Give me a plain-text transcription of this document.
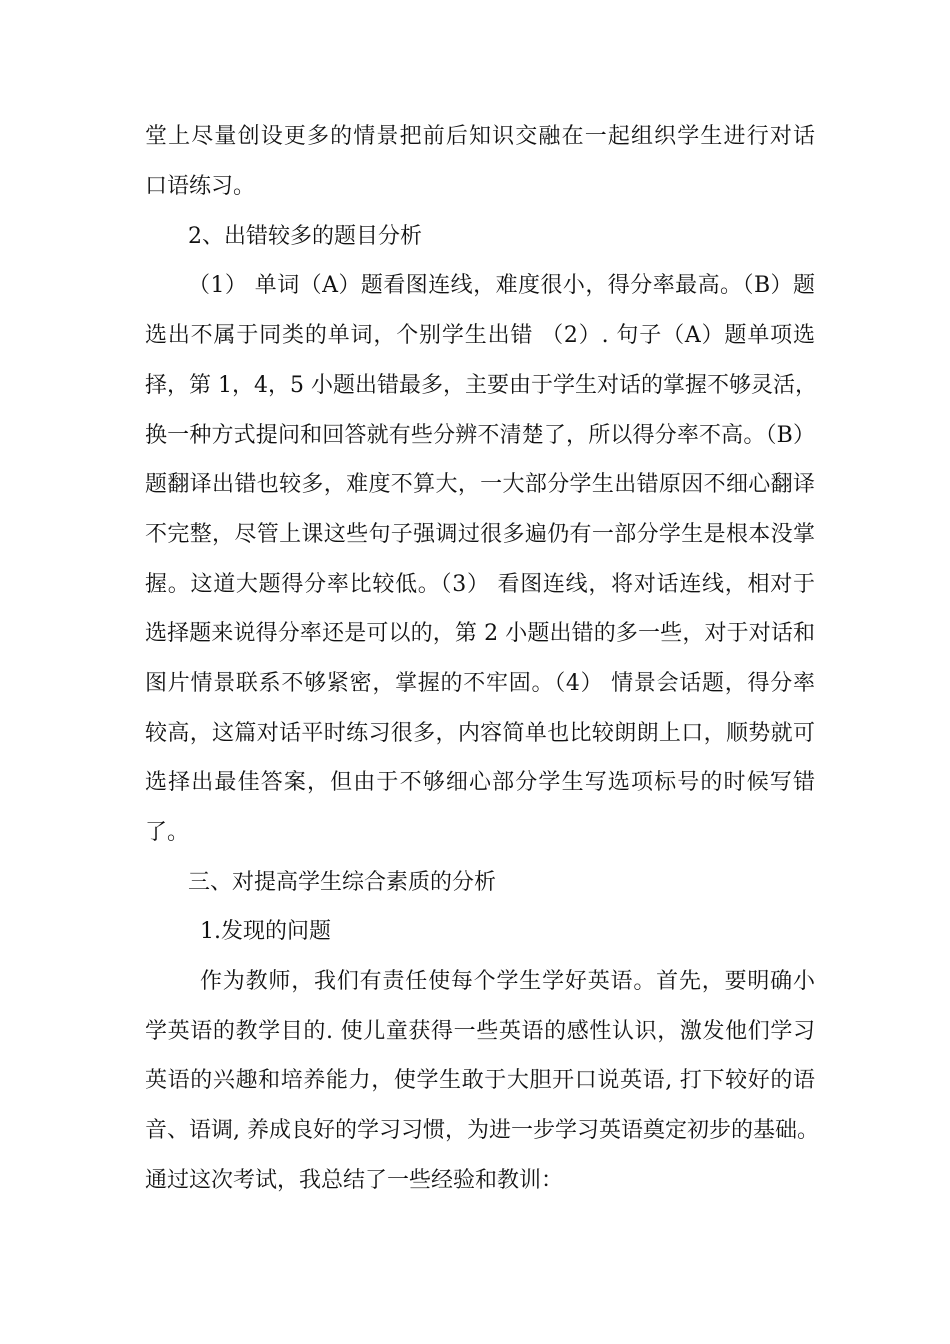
堂上尽量创设更多的情景把前后知识交融在一起组织学生进行对话
口语练习。
2、出错较多的题目分析
（1） 单词（A）题看图连线，难度很小，得分率最高。（B）题
选出不属于同类的单词，个别学生出错 （2）. 句子（A）题单项选
择，第 1，4，5 小题出错最多，主要由于学生对话的掌握不够灵活，
换一种方式提问和回答就有些分辨不清楚了，所以得分率不高。（B）
题翻译出错也较多，难度不算大，一大部分学生出错原因不细心翻译
不完整，尽管上课这些句子强调过很多遍仍有一部分学生是根本没掌
握。这道大题得分率比较低。（3） 看图连线，将对话连线，相对于
选择题来说得分率还是可以的，第 2 小题出错的多一些，对于对话和
图片情景联系不够紧密，掌握的不牢固。（4） 情景会话题，得分率
较高，这篇对话平时练习很多，内容简单也比较朗朗上口，顺势就可
选择出最佳答案，但由于不够细心部分学生写选项标号的时候写错
了。
三、对提高学生综合素质的分析
1.发现的问题
作为教师，我们有责任使每个学生学好英语。首先，要明确小
学英语的教学目的. 使儿童获得一些英语的感性认识，激发他们学习
英语的兴趣和培养能力，使学生敢于大胆开口说英语, 打下较好的语
音、语调, 养成良好的学习习惯，为进一步学习英语奠定初步的基础。
通过这次考试，我总结了一些经验和教训：
